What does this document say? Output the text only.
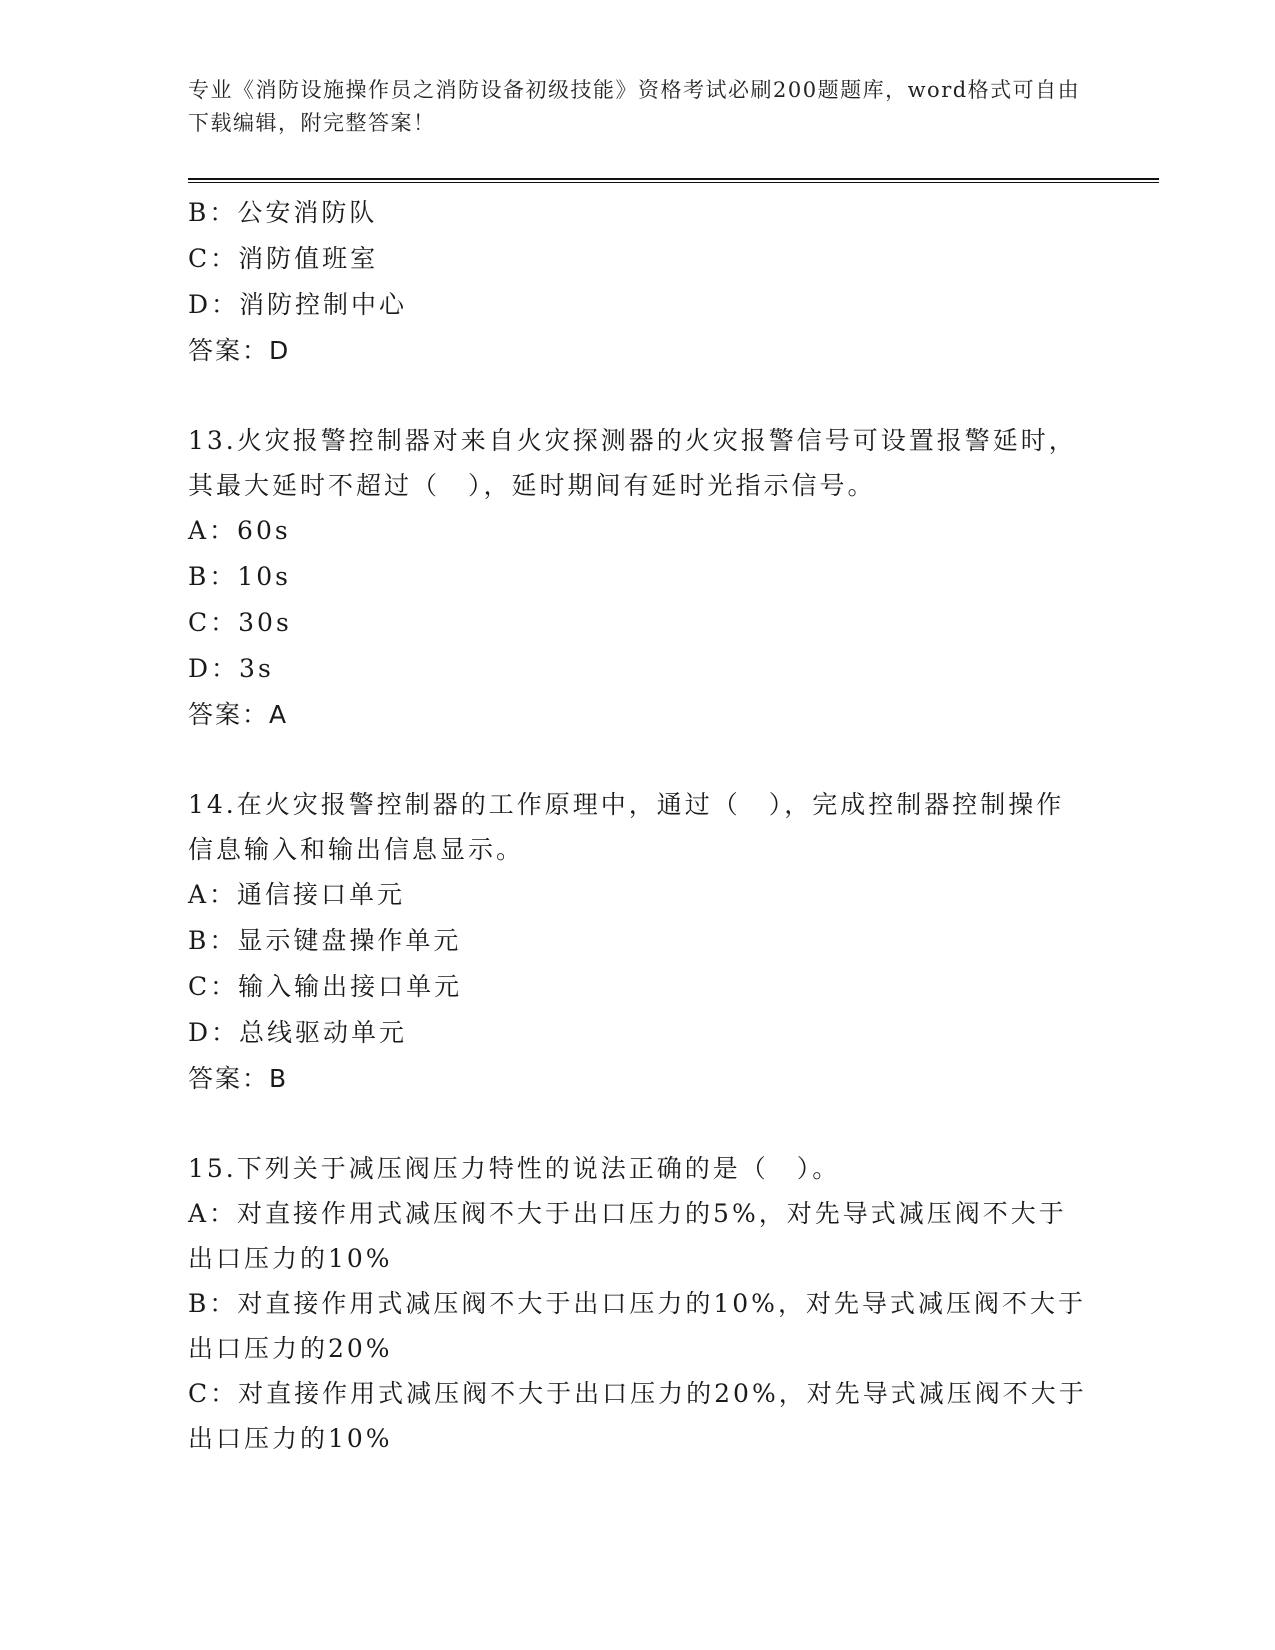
专业《消防设施操作员之消防设备初级技能》资格考试必刷200题题库，word格式可自由下载编辑，附完整答案！
B：公安消防队
C：消防值班室
D：消防控制中心
答案：D
13.火灾报警控制器对来自火灾探测器的火灾报警信号可设置报警延时，其最大延时不超过（　），延时期间有延时光指示信号。
A：60s
B：10s
C：30s
D：3s
答案：A
14.在火灾报警控制器的工作原理中，通过（　），完成控制器控制操作信息输入和输出信息显示。
A：通信接口单元
B：显示键盘操作单元
C：输入输出接口单元
D：总线驱动单元
答案：B
15.下列关于减压阀压力特性的说法正确的是（　）。
A：对直接作用式减压阀不大于出口压力的5%，对先导式减压阀不大于出口压力的10%
B：对直接作用式减压阀不大于出口压力的10%，对先导式减压阀不大于出口压力的20%
C：对直接作用式减压阀不大于出口压力的20%，对先导式减压阀不大于出口压力的10%
